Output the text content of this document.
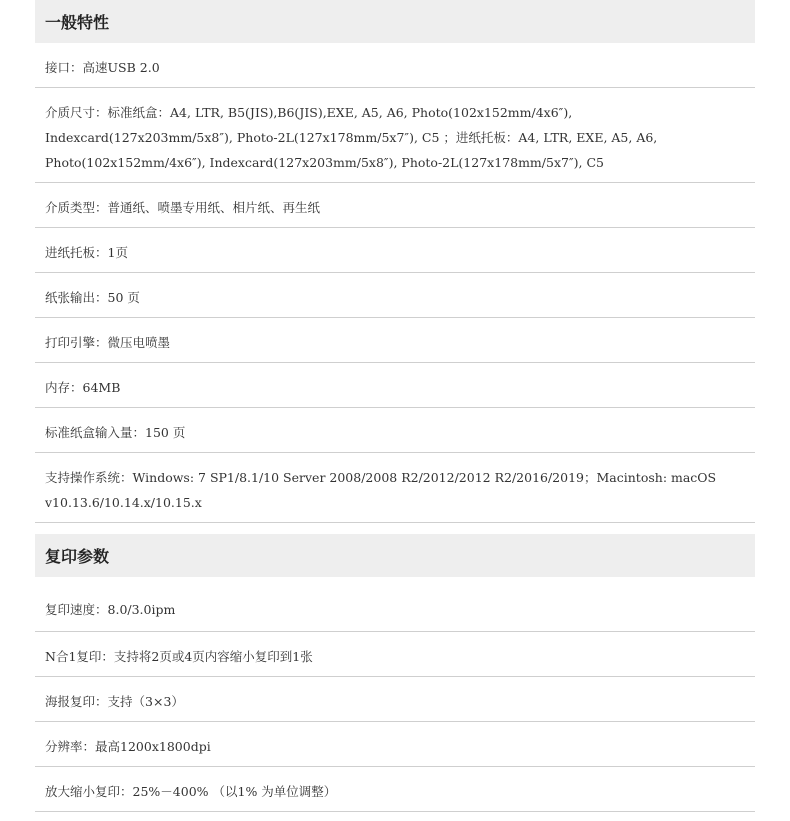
一般特性
接口：高速USB 2.0
介质尺寸：标准纸盒：A4, LTR, B5(JIS),B6(JIS),EXE, A5, A6, Photo(102x152mm/4x6″),
Indexcard(127x203mm/5x8″), Photo-2L(127x178mm/5x7″), C5 ；进纸托板：A4, LTR, EXE, A5, A6,
Photo(102x152mm/4x6″), Indexcard(127x203mm/5x8″), Photo-2L(127x178mm/5x7″), C5
介质类型：普通纸、喷墨专用纸、相片纸、再生纸
进纸托板：1页
纸张输出：50 页
打印引擎：微压电喷墨
内存：64MB
标准纸盒输入量：150 页
支持操作系统：Windows: 7 SP1/8.1/10 Server 2008/2008 R2/2012/2012 R2/2016/2019；Macintosh: macOS
v10.13.6/10.14.x/10.15.x
复印参数
复印速度：8.0/3.0ipm
N合1复印：支持将2页或4页内容缩小复印到1张
海报复印：支持（3×3）
分辨率：最高1200x1800dpi
放大缩小复印：25%－400% （以1% 为单位调整）
